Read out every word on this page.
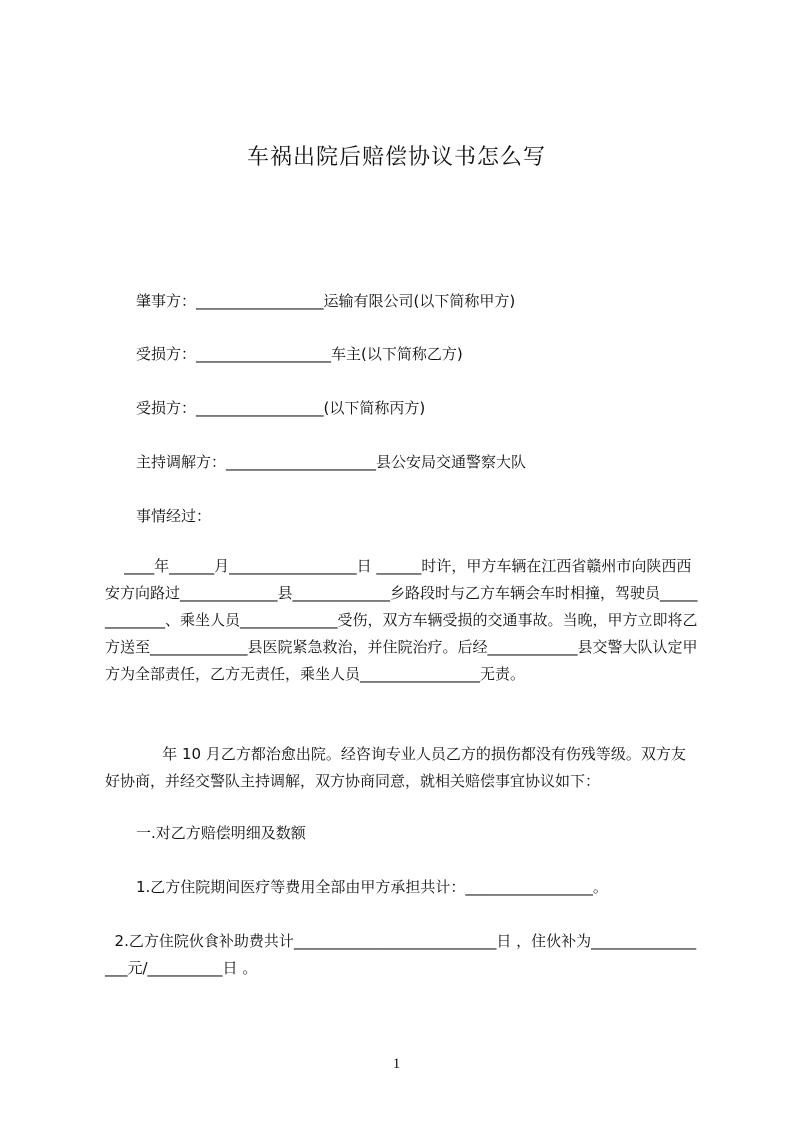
车祸出院后赔偿协议书怎么写
肇事方：_________________运输有限公司(以下简称甲方)
受损方：__________________车主(以下简称乙方)
受损方：_________________(以下简称丙方)
主持调解方：____________________县公安局交通警察大队
事情经过：
____年______月_________________日 ______时许，甲方车辆在江西省赣州市向陕西西安方向路过_____________县_____________乡路段时与乙方车辆会车时相撞，驾驶员_____________、乘坐人员_____________受伤，双方车辆受损的交通事故。当晚，甲方立即将乙方送至_____________县医院紧急救治，并住院治疗。后经____________县交警大队认定甲方为全部责任，乙方无责任，乘坐人员________________无责。
年 10 月乙方都治愈出院。经咨询专业人员乙方的损伤都没有伤残等级。双方友好协商，并经交警队主持调解，双方协商同意，就相关赔偿事宜协议如下：
一.对乙方赔偿明细及数额
1.乙方住院期间医疗等费用全部由甲方承担共计：_________________。
2.乙方住院伙食补助费共计___________________________日 ，住伙补为_________________元/__________日 。
1
